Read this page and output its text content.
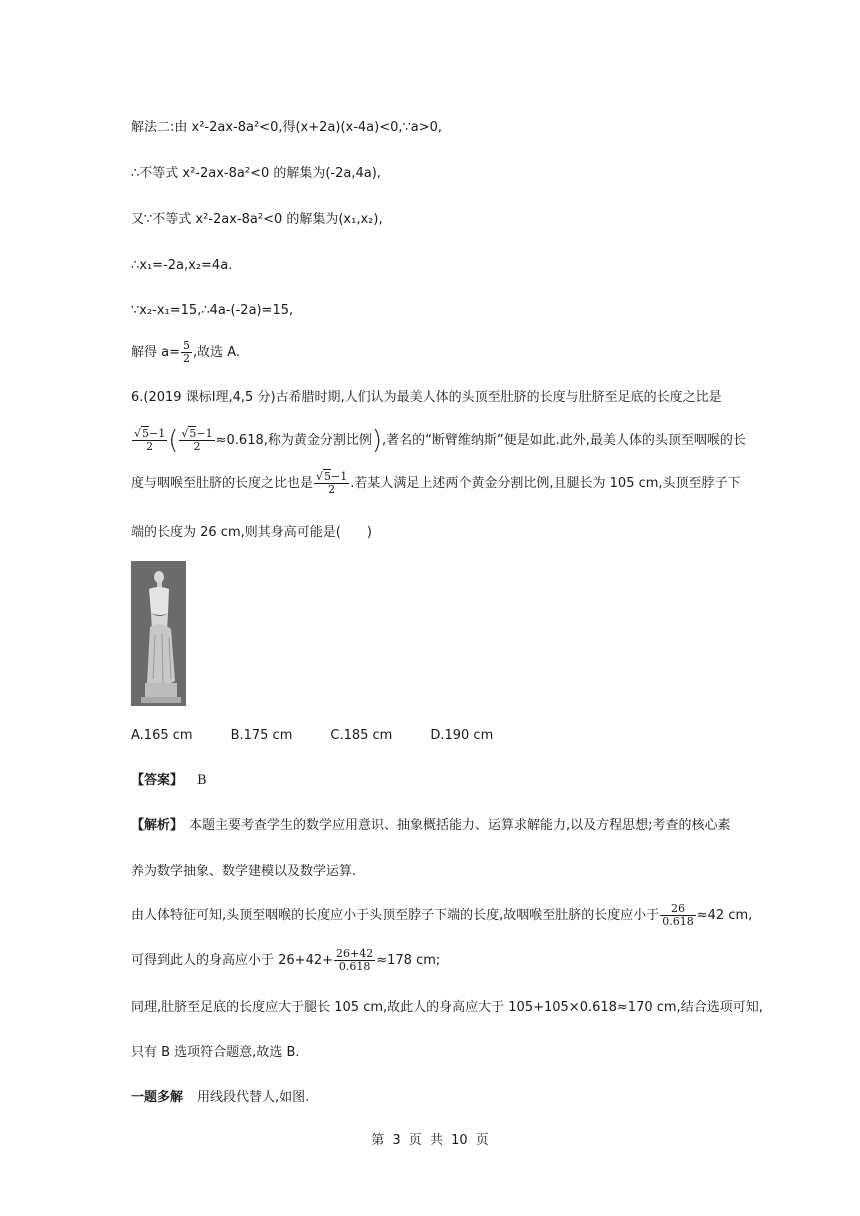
解法二:由 x²-2ax-8a²<0,得(x+2a)(x-4a)<0,∵a>0,
∴不等式 x²-2ax-8a²<0 的解集为(-2a,4a),
又∵不等式 x²-2ax-8a²<0 的解集为(x₁,x₂),
∴x₁=-2a,x₂=4a.
∵x₂-x₁=15,∴4a-(-2a)=15,
解得 $a= \frac{5}{2}$ ,故选 A.
6.(2019 课标Ⅰ理,4,5 分)古希腊时期,人们认为最美人体的头顶至肚脐的长度与肚脐至足底的长度之比是
$\frac{√5-1}{2}$ ( $\frac{√5-1}{2} \approx 0.618$,称为黄金分割比例),著名的“断臂维纳斯”便是如此.此外,最美人体的头顶至咽喉的长
度与咽喉至肚脐的长度之比也是 $\frac{√5-1}{2}$ .若某人满足上述两个黄金分割比例,且腿长为 105 cm,头顶至脖子下
端的长度为 26 cm,则其身高可能是(　　)
A.165 cm	B.175 cm	C.185 cm	D.190 cm
【答案】 B
【解析】 本题主要考查学生的数学应用意识、抽象概括能力、运算求解能力,以及方程思想;考查的核心素
养为数学抽象、数学建模以及数学运算.
由人体特征可知,头顶至咽喉的长度应小于头顶至脖子下端的长度,故咽喉至肚脐的长度应小于 $\frac{26}{0.618} \approx 42$ cm,
可得到此人的身高应小于 $26+42+ \frac{26+42}{0.618} \approx 178$ cm;
同理,肚脐至足底的长度应大于腿长 105 cm,故此人的身高应大于 105+105×0.618≈170 cm,结合选项可知,
只有 B 选项符合题意,故选 B.
一题多解 用线段代替人,如图.
第 3 页 共 10 页
